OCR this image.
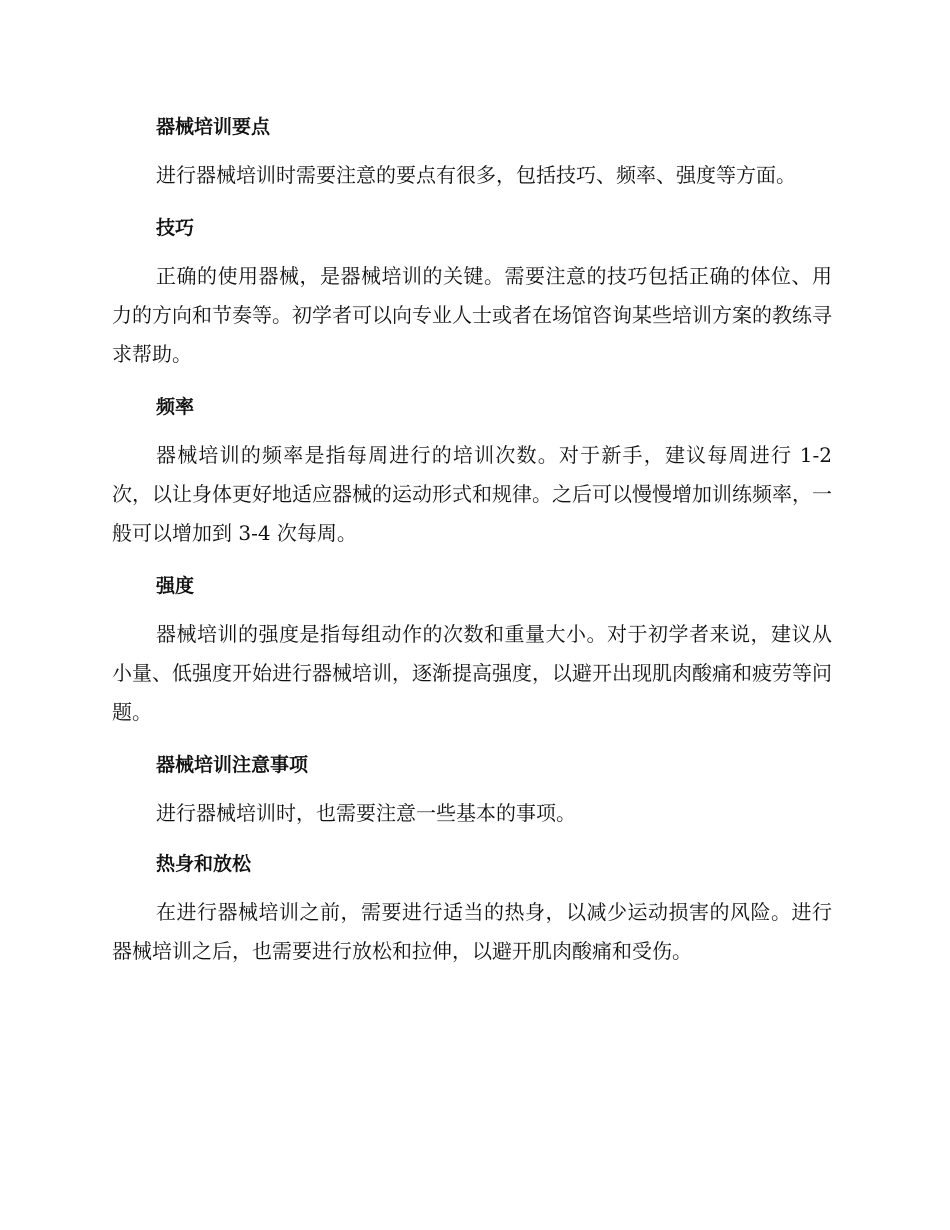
器械培训要点

进行器械培训时需要注意的要点有很多，包括技巧、频率、强度等方面。

技巧

正确的使用器械，是器械培训的关键。需要注意的技巧包括正确的体位、用力的方向和节奏等。初学者可以向专业人士或者在场馆咨询某些培训方案的教练寻求帮助。

频率

器械培训的频率是指每周进行的培训次数。对于新手，建议每周进行 1-2 次，以让身体更好地适应器械的运动形式和规律。之后可以慢慢增加训练频率，一般可以增加到 3-4 次每周。

强度

器械培训的强度是指每组动作的次数和重量大小。对于初学者来说，建议从小量、低强度开始进行器械培训，逐渐提高强度，以避开出现肌肉酸痛和疲劳等问题。

器械培训注意事项

进行器械培训时，也需要注意一些基本的事项。

热身和放松

在进行器械培训之前，需要进行适当的热身，以减少运动损害的风险。进行器械培训之后，也需要进行放松和拉伸，以避开肌肉酸痛和受伤。
